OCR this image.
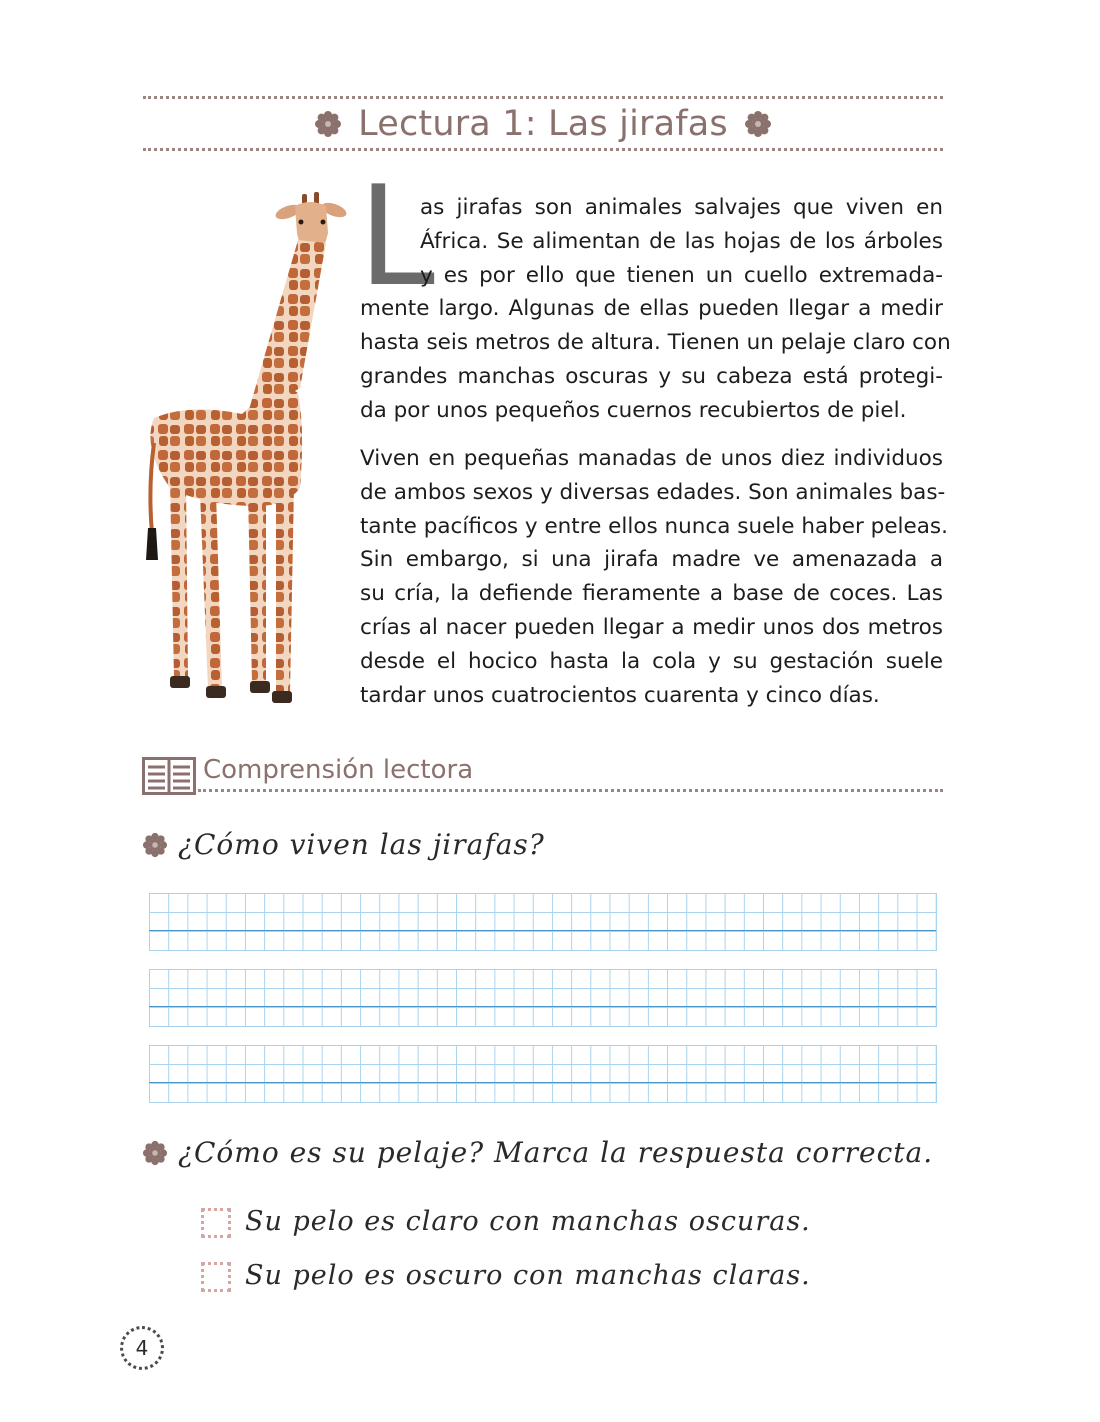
Lectura 1: Las jirafas
L
as jirafas son animales salvajes que viven en
África. Se alimentan de las hojas de los árboles
y es por ello que tienen un cuello extremada-
mente largo. Algunas de ellas pueden llegar a medir
hasta seis metros de altura. Tienen un pelaje claro con
grandes manchas oscuras y su cabeza está protegi-
da por unos pequeños cuernos recubiertos de piel.
Viven en pequeñas manadas de unos diez individuos
de ambos sexos y diversas edades. Son animales bas-
tante pacíficos y entre ellos nunca suele haber peleas.
Sin embargo, si una jirafa madre ve amenazada a
su cría, la defiende fieramente a base de coces. Las
crías al nacer pueden llegar a medir unos dos metros
desde el hocico hasta la cola y su gestación suele
tardar unos cuatrocientos cuarenta y cinco días.
Comprensión lectora
¿Cómo viven las jirafas?
¿Cómo es su pelaje? Marca la respuesta correcta.
Su pelo es claro con manchas oscuras.
Su pelo es oscuro con manchas claras.
4
